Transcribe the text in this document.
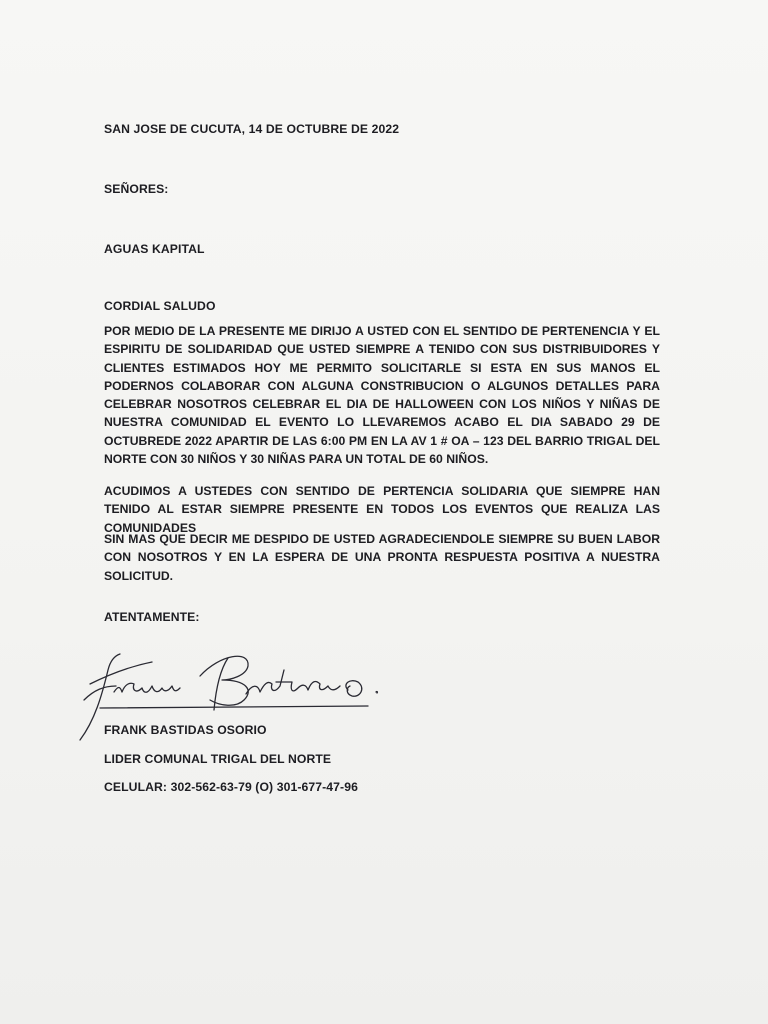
SAN JOSE DE CUCUTA, 14 DE OCTUBRE DE 2022
SEÑORES:
AGUAS KAPITAL
CORDIAL SALUDO
POR MEDIO DE LA PRESENTE ME DIRIJO A USTED CON EL SENTIDO DE PERTENENCIA Y EL ESPIRITU DE SOLIDARIDAD QUE USTED SIEMPRE A TENIDO CON SUS DISTRIBUIDORES Y CLIENTES ESTIMADOS HOY ME PERMITO SOLICITARLE SI ESTA EN SUS MANOS EL PODERNOS COLABORAR CON ALGUNA CONSTRIBUCION O ALGUNOS DETALLES PARA CELEBRAR NOSOTROS CELEBRAR EL DIA DE HALLOWEEN CON LOS NIÑOS Y NIÑAS DE NUESTRA COMUNIDAD EL EVENTO LO LLEVAREMOS ACABO EL DIA SABADO 29 DE OCTUBREDE 2022 APARTIR DE LAS 6:00 PM EN LA AV 1 # OA – 123 DEL BARRIO TRIGAL DEL NORTE CON 30 NIÑOS Y 30 NIÑAS PARA UN TOTAL DE 60 NIÑOS.
ACUDIMOS A USTEDES CON SENTIDO DE PERTENCIA SOLIDARIA QUE SIEMPRE HAN TENIDO AL ESTAR SIEMPRE PRESENTE EN TODOS LOS EVENTOS QUE REALIZA LAS COMUNIDADES
SIN MAS QUE DECIR ME DESPIDO DE USTED AGRADECIENDOLE SIEMPRE SU BUEN LABOR CON NOSOTROS Y EN LA ESPERA DE UNA PRONTA RESPUESTA POSITIVA A NUESTRA SOLICITUD.
ATENTAMENTE:
FRANK BASTIDAS OSORIO
LIDER COMUNAL TRIGAL DEL NORTE
CELULAR: 302-562-63-79 (O) 301-677-47-96
